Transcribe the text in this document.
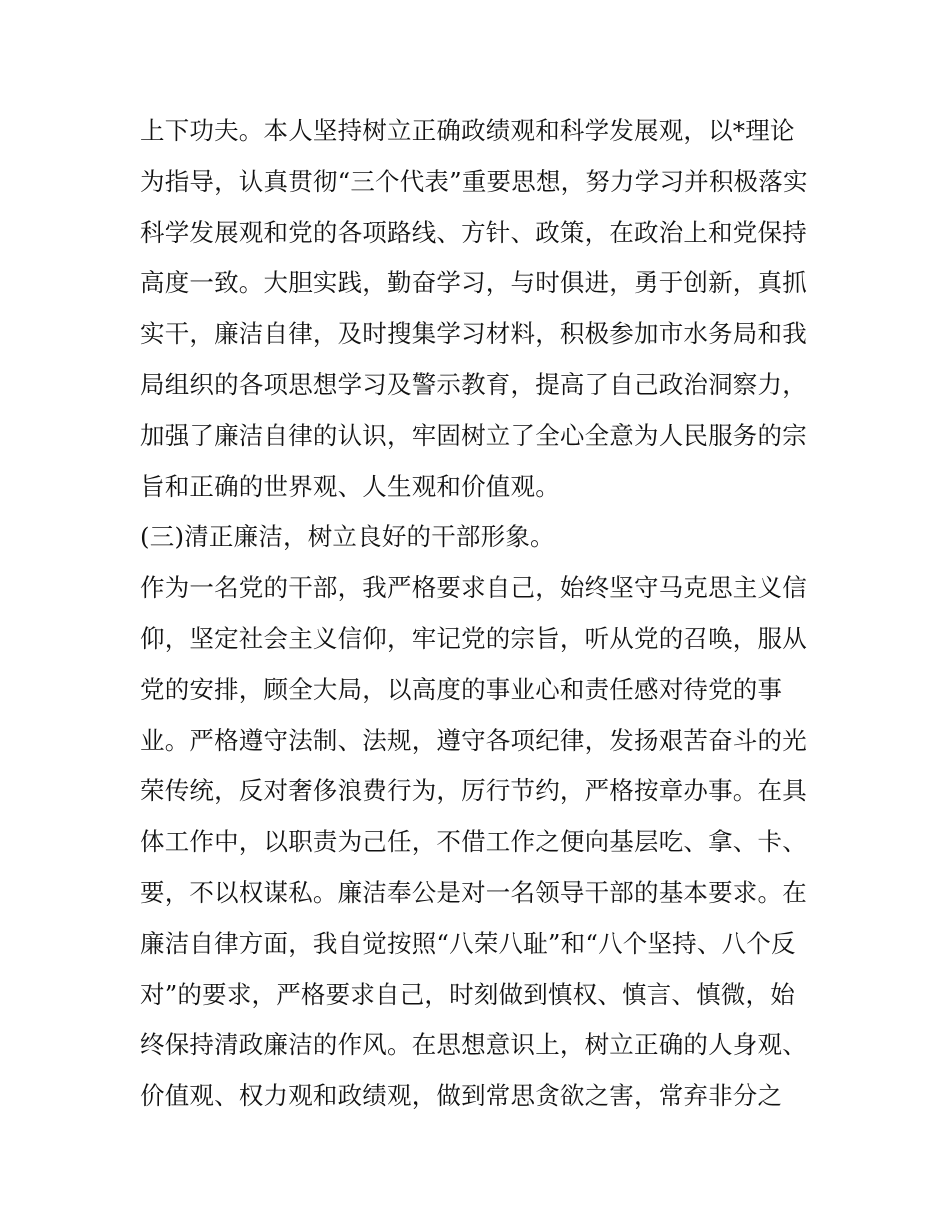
上下功夫。本人坚持树立正确政绩观和科学发展观，以*理论
为指导，认真贯彻“三个代表”重要思想，努力学习并积极落实
科学发展观和党的各项路线、方针、政策，在政治上和党保持
高度一致。大胆实践，勤奋学习，与时俱进，勇于创新，真抓
实干，廉洁自律，及时搜集学习材料，积极参加市水务局和我
局组织的各项思想学习及警示教育，提高了自己政治洞察力，
加强了廉洁自律的认识，牢固树立了全心全意为人民服务的宗
旨和正确的世界观、人生观和价值观。
(三)清正廉洁，树立良好的干部形象。
作为一名党的干部，我严格要求自己，始终坚守马克思主义信
仰，坚定社会主义信仰，牢记党的宗旨，听从党的召唤，服从
党的安排，顾全大局，以高度的事业心和责任感对待党的事
业。严格遵守法制、法规，遵守各项纪律，发扬艰苦奋斗的光
荣传统，反对奢侈浪费行为，厉行节约，严格按章办事。在具
体工作中，以职责为己任，不借工作之便向基层吃、拿、卡、
要，不以权谋私。廉洁奉公是对一名领导干部的基本要求。在
廉洁自律方面，我自觉按照“八荣八耻”和“八个坚持、八个反
对”的要求，严格要求自己，时刻做到慎权、慎言、慎微，始
终保持清政廉洁的作风。在思想意识上，树立正确的人身观、
价值观、权力观和政绩观，做到常思贪欲之害，常弃非分之
